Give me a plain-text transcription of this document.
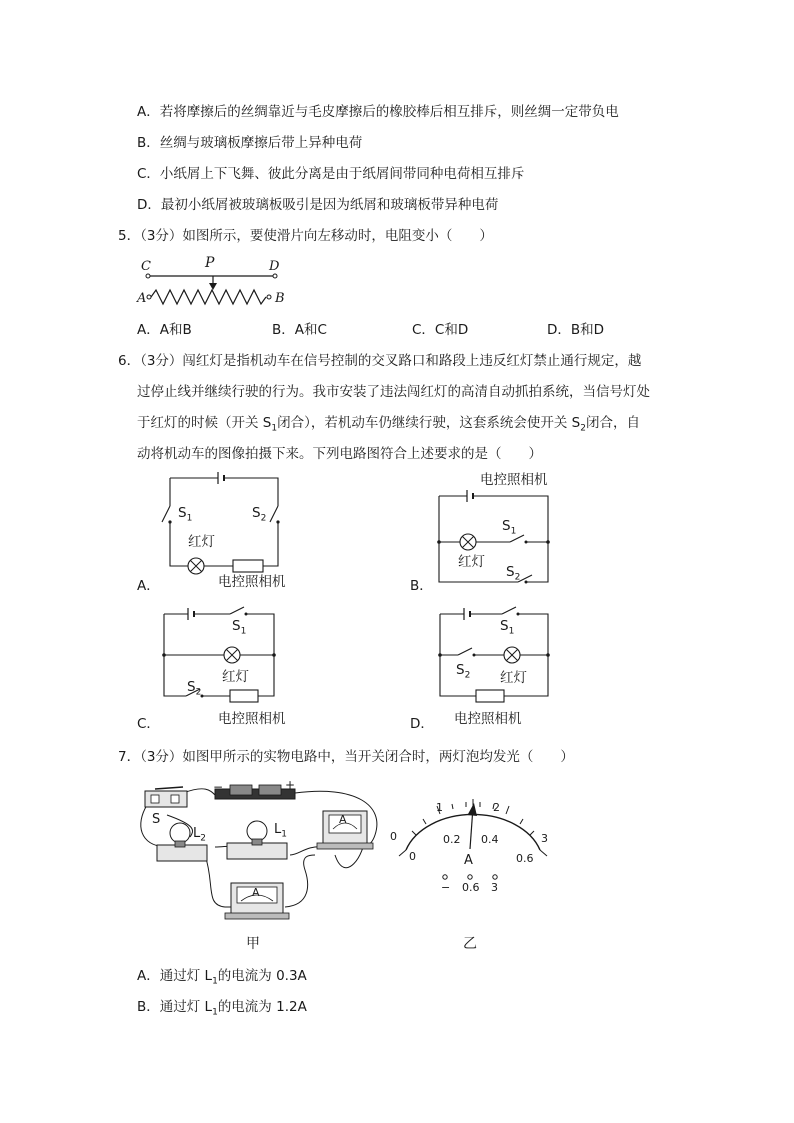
A．若将摩擦后的丝绸靠近与毛皮摩擦后的橡胶棒后相互排斥，则丝绸一定带负电
B．丝绸与玻璃板摩擦后带上异种电荷
C．小纸屑上下飞舞、彼此分离是由于纸屑间带同种电荷相互排斥
D．最初小纸屑被玻璃板吸引是因为纸屑和玻璃板带异种电荷
5．（3分）如图所示，要使滑片向左移动时，电阻变小（　　）
C	P	D
A	B
A．A和B	B．A和C	C．C和D	D．B和D
6．（3分）闯红灯是指机动车在信号控制的交叉路口和路段上违反红灯禁止通行规定，越
过停止线并继续行驶的行为。我市安装了违法闯红灯的高清自动抓拍系统，当信号灯处
于红灯的时候（开关 $S_1$闭合），若机动车仍继续行驶，这套系统会使开关 $S_2$闭合，自
动将机动车的图像拍摄下来。下列电路图符合上述要求的是（　　）
$S_1$	$S_2$
红灯
电控照相机
A．
电控照相机
$S_1$
红灯
$S_2$
B．
$S_1$
红灯
$S_2$
电控照相机
C．
$S_1$
$S_2$ 红灯
电控照相机
D．
7．（3分）如图甲所示的实物电路中，当开关闭合时，两灯泡均发光（　　）
−	+
S
$L_2$
$L_1$
A
A
甲
0
1	2
3
0
0.2 0.4
0.6
A
− 0.6 3
乙
A．通过灯 $L_1$的电流为 0.3A
B．通过灯 $L_1$的电流为 1.2A
